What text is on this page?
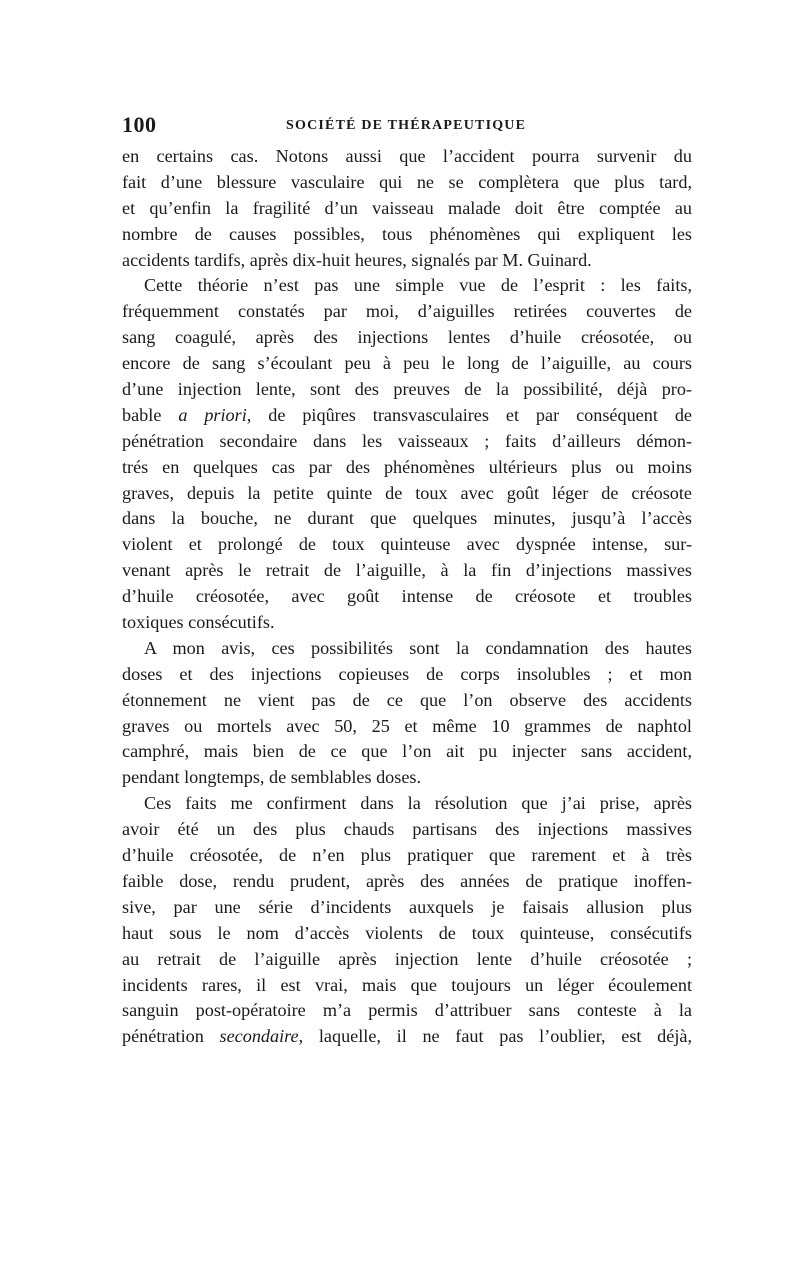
100	SOCIÉTÉ DE THÉRAPEUTIQUE
en certains cas. Notons aussi que l’accident pourra survenir du
fait d’une blessure vasculaire qui ne se complètera que plus tard,
et qu’enfin la fragilité d’un vaisseau malade doit être comptée au
nombre de causes possibles, tous phénomènes qui expliquent les
accidents tardifs, après dix-huit heures, signalés par M. Guinard.
Cette théorie n’est pas une simple vue de l’esprit : les faits,
fréquemment constatés par moi, d’aiguilles retirées couvertes de
sang coagulé, après des injections lentes d’huile créosotée, ou
encore de sang s’écoulant peu à peu le long de l’aiguille, au cours
d’une injection lente, sont des preuves de la possibilité, déjà pro-
bable a priori, de piqûres transvasculaires et par conséquent de
pénétration secondaire dans les vaisseaux ; faits d’ailleurs démon-
trés en quelques cas par des phénomènes ultérieurs plus ou moins
graves, depuis la petite quinte de toux avec goût léger de créosote
dans la bouche, ne durant que quelques minutes, jusqu’à l’accès
violent et prolongé de toux quinteuse avec dyspnée intense, sur-
venant après le retrait de l’aiguille, à la fin d’injections massives
d’huile créosotée, avec goût intense de créosote et troubles
toxiques consécutifs.
A mon avis, ces possibilités sont la condamnation des hautes
doses et des injections copieuses de corps insolubles ; et mon
étonnement ne vient pas de ce que l’on observe des accidents
graves ou mortels avec 50, 25 et même 10 grammes de naphtol
camphré, mais bien de ce que l’on ait pu injecter sans accident,
pendant longtemps, de semblables doses.
Ces faits me confirment dans la résolution que j’ai prise, après
avoir été un des plus chauds partisans des injections massives
d’huile créosotée, de n’en plus pratiquer que rarement et à très
faible dose, rendu prudent, après des années de pratique inoffen-
sive, par une série d’incidents auxquels je faisais allusion plus
haut sous le nom d’accès violents de toux quinteuse, consécutifs
au retrait de l’aiguille après injection lente d’huile créosotée ;
incidents rares, il est vrai, mais que toujours un léger écoulement
sanguin post-opératoire m’a permis d’attribuer sans conteste à la
pénétration secondaire, laquelle, il ne faut pas l’oublier, est déjà,
